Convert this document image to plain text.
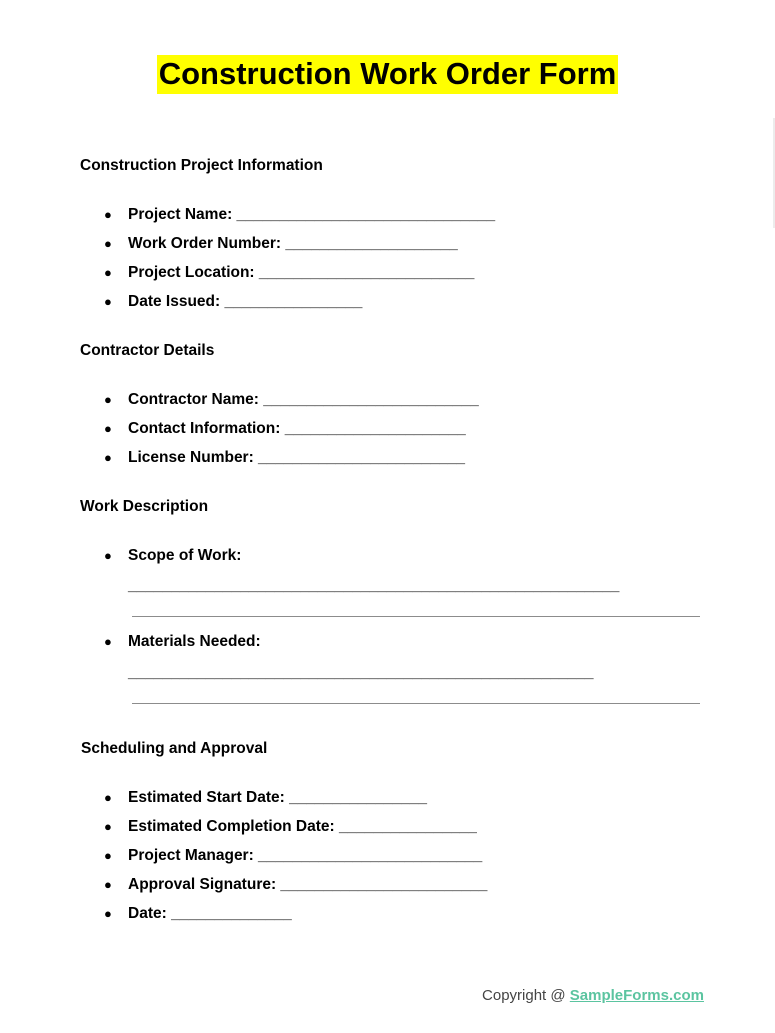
Construction Work Order Form
Construction Project Information
● Project Name: ______________________________
● Work Order Number: ____________________
● Project Location: _________________________
● Date Issued: ________________
Contractor Details
● Contractor Name: _________________________
● Contact Information: _____________________
● License Number: ________________________
Work Description
● Scope of Work:
_________________________________________________________
● Materials Needed:
______________________________________________________
Scheduling and Approval
● Estimated Start Date: ________________
● Estimated Completion Date: ________________
● Project Manager: __________________________
● Approval Signature: ________________________
● Date: ______________
Copyright @ SampleForms.com
